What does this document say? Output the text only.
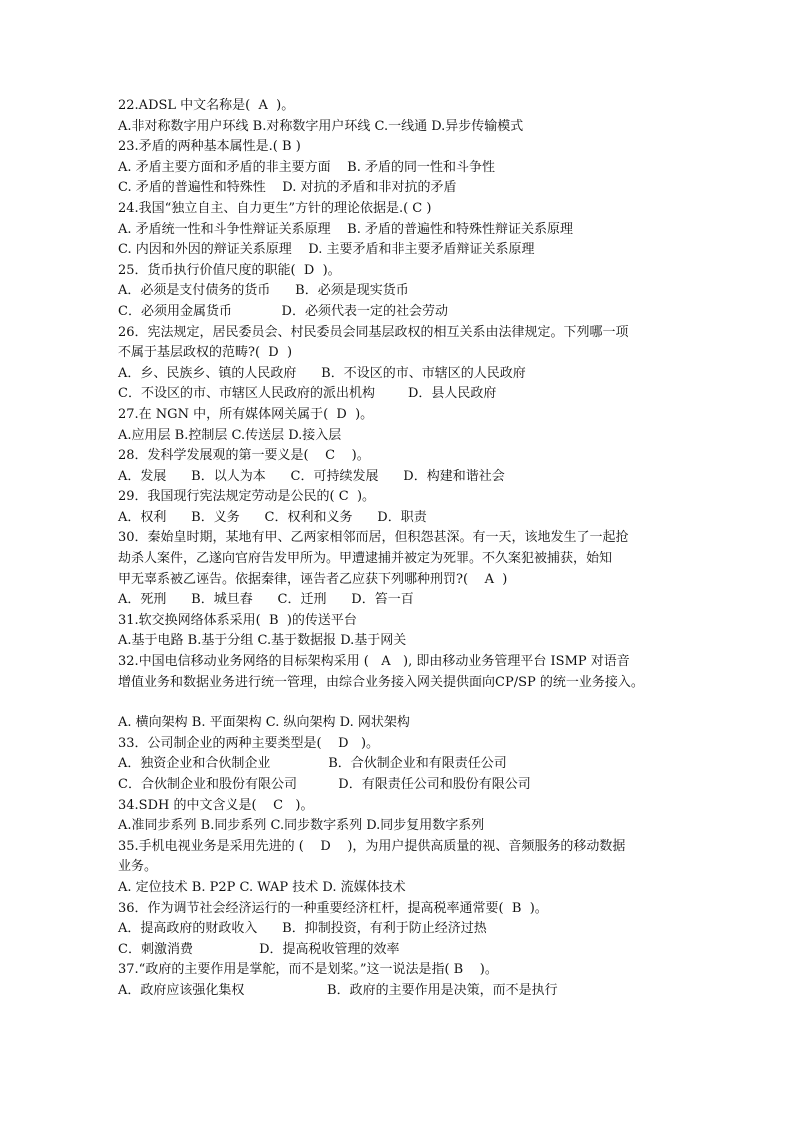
22.ADSL 中文名称是(  A  )。
A.非对称数字用户环线 B.对称数字用户环线 C.一线通 D.异步传输模式
23.矛盾的两种基本属性是.( B )
A. 矛盾主要方面和矛盾的非主要方面    B. 矛盾的同一性和斗争性
C. 矛盾的普遍性和特殊性    D. 对抗的矛盾和非对抗的矛盾
24.我国“独立自主、自力更生”方针的理论依据是.( C )
A. 矛盾统一性和斗争性辩证关系原理    B. 矛盾的普遍性和特殊性辩证关系原理
C. 内因和外因的辩证关系原理    D. 主要矛盾和非主要矛盾辩证关系原理
25．货币执行价值尺度的职能(  D  )。
A．必须是支付债务的货币      B．必须是现实货币
C．必须用金属货币            D．必须代表一定的社会劳动
26．宪法规定，居民委员会、村民委员会同基层政权的相互关系由法律规定。下列哪一项
不属于基层政权的范畴?(  D  )
A．乡、民族乡、镇的人民政府      B．不设区的市、市辖区的人民政府
C．不设区的市、市辖区人民政府的派出机构        D．县人民政府
27.在 NGN 中，所有媒体网关属于(  D  )。
A.应用层 B.控制层 C.传送层 D.接入层
28．发科学发展观的第一要义是(    C    )。
A．发展      B．以人为本      C．可持续发展      D．构建和谐社会
29．我国现行宪法规定劳动是公民的( C  )。
A．权利      B．义务      C．权利和义务      D．职责
30．秦始皇时期，某地有甲、乙两家相邻而居，但积怨甚深。有一天，该地发生了一起抢
劫杀人案件，乙遂向官府告发甲所为。甲遭逮捕并被定为死罪。不久案犯被捕获，始知
甲无辜系被乙诬告。依据秦律，诬告者乙应获下列哪种刑罚?(    A  )
A．死刑      B．城旦舂      C．迁刑      D．笞一百
31.软交换网络体系采用(  B  )的传送平台
A.基于电路 B.基于分组 C.基于数据报 D.基于网关
32.中国电信移动业务网络的目标架构采用 (   A   ), 即由移动业务管理平台 ISMP 对语音
增值业务和数据业务进行统一管理，由综合业务接入网关提供面向CP/SP 的统一业务接入。
A. 横向架构 B. 平面架构 C. 纵向架构 D. 网状架构
33．公司制企业的两种主要类型是(    D   )。
A．独资企业和合伙制企业              B．合伙制企业和有限责任公司
C．合伙制企业和股份有限公司          D．有限责任公司和股份有限公司
34.SDH 的中文含义是(    C   )。
A.准同步系列 B.同步系列 C.同步数字系列 D.同步复用数字系列
35.手机电视业务是采用先进的 (    D    )，为用户提供高质量的视、音频服务的移动数据
业务。
A. 定位技术 B. P2P C. WAP 技术 D. 流媒体技术
36．作为调节社会经济运行的一种重要经济杠杆，提高税率通常要(  B  )。
A．提高政府的财政收入      B．抑制投资，有利于防止经济过热
C．刺激消费                D．提高税收管理的效率
37.“政府的主要作用是掌舵，而不是划桨。”这一说法是指( B    )。
A．政府应该强化集权                    B．政府的主要作用是决策，而不是执行
